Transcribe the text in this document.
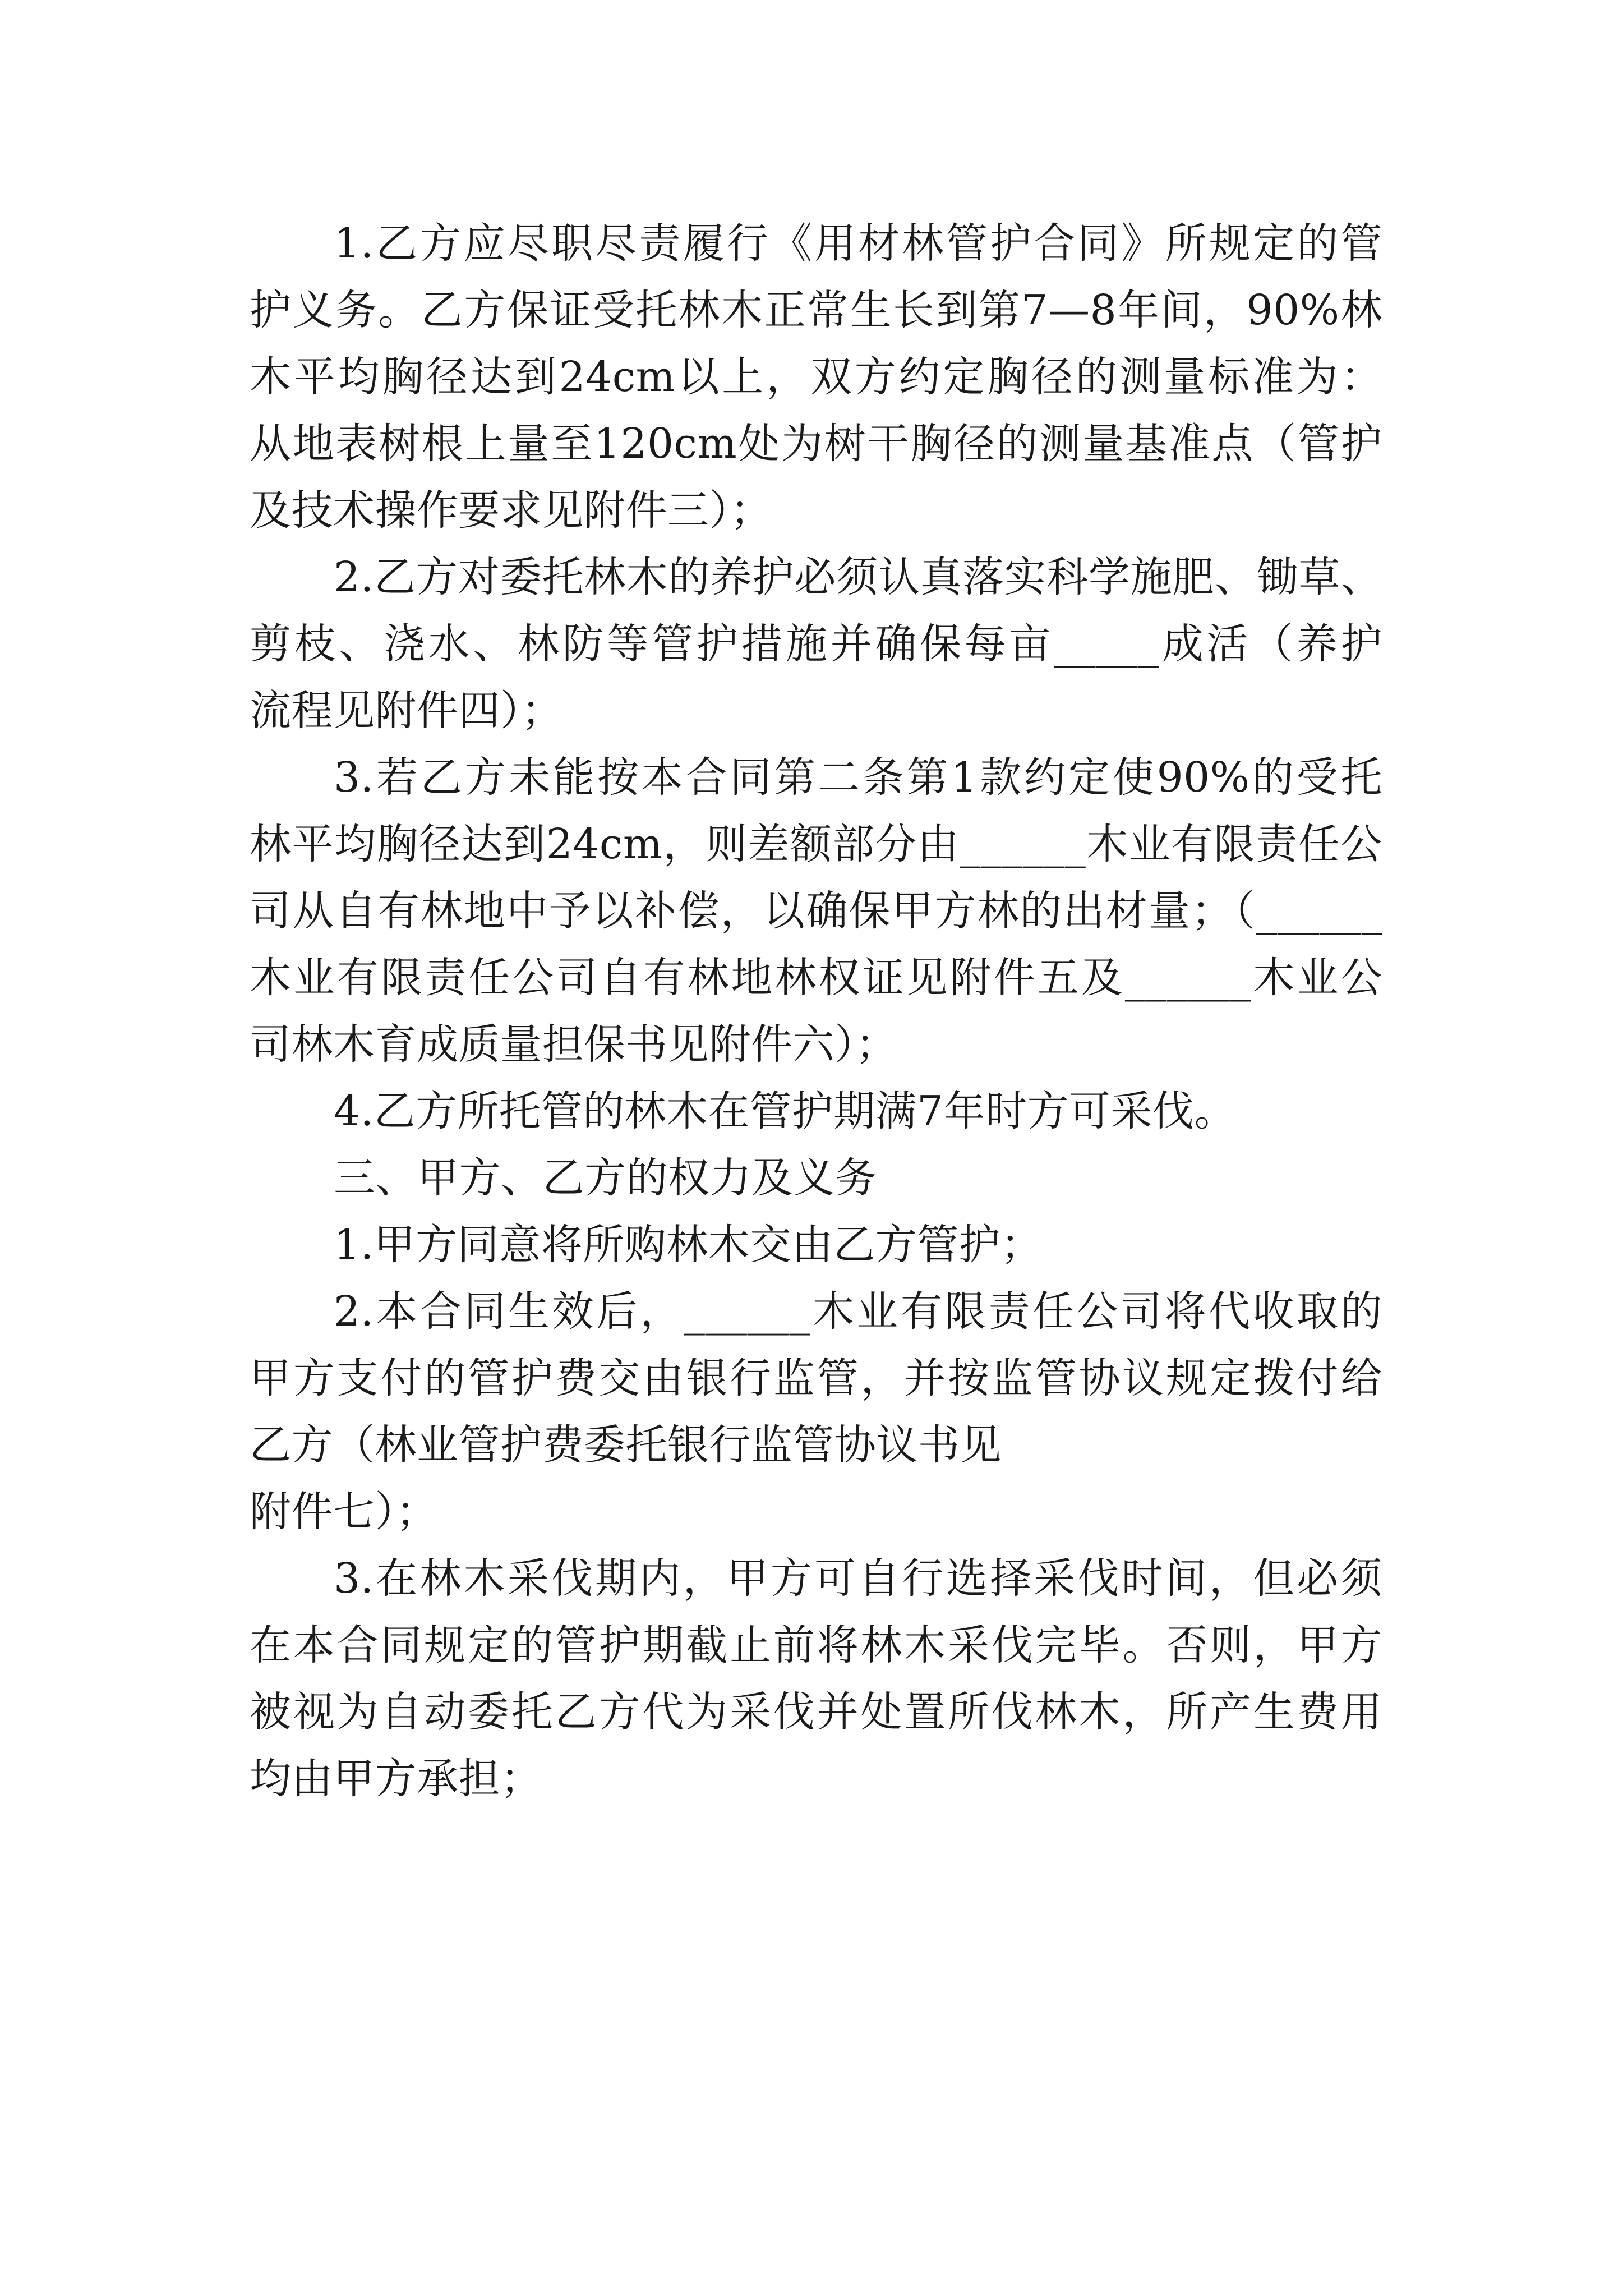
1.乙方应尽职尽责履行《用材林管护合同》所规定的管
护义务。乙方保证受托林木正常生长到第7—8年间，90%林
木平均胸径达到24cm以上，双方约定胸径的测量标准为：
从地表树根上量至120cm处为树干胸径的测量基准点（管护
及技术操作要求见附件三）；
2.乙方对委托林木的养护必须认真落实科学施肥、锄草、
剪枝、浇水、林防等管护措施并确保每亩_____成活（养护
流程见附件四）；
3.若乙方未能按本合同第二条第1款约定使90%的受托
林平均胸径达到24cm，则差额部分由______木业有限责任公
司从自有林地中予以补偿，以确保甲方林的出材量；（______
木业有限责任公司自有林地林权证见附件五及______木业公
司林木育成质量担保书见附件六）；
4.乙方所托管的林木在管护期满7年时方可采伐。
三、甲方、乙方的权力及义务
1.甲方同意将所购林木交由乙方管护；
2.本合同生效后，______木业有限责任公司将代收取的
甲方支付的管护费交由银行监管，并按监管协议规定拨付给
乙方（林业管护费委托银行监管协议书见
附件七）；
3.在林木采伐期内，甲方可自行选择采伐时间，但必须
在本合同规定的管护期截止前将林木采伐完毕。否则，甲方
被视为自动委托乙方代为采伐并处置所伐林木，所产生费用
均由甲方承担；
